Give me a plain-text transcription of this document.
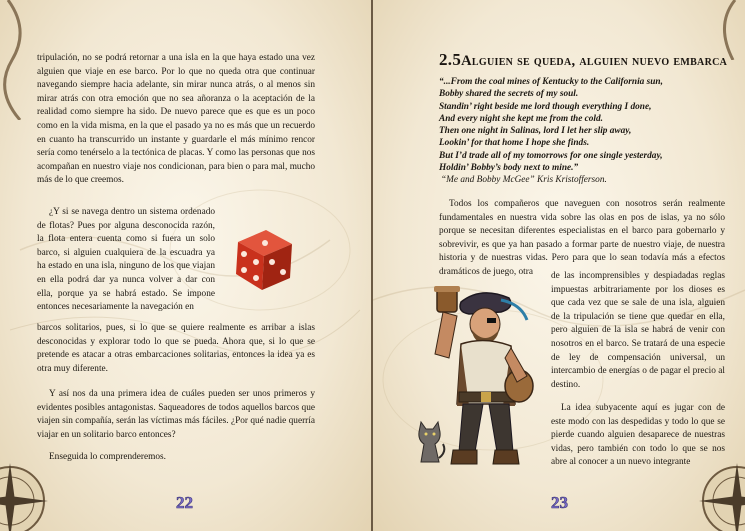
tripulación, no se podrá retornar a una isla en la que haya estado una vez alguien que viaje en ese barco. Por lo que no queda otra que continuar navegando siempre hacia adelante, sin mirar nunca atrás, o al menos sin mirar atrás con otra emoción que no sea añoranza o la aceptación de la realidad como siempre ha sido. De nuevo parece que es que es un poco como en la vida misma, en la que el pasado ya no es más que un recuerdo en cuanto ha transcurrido un instante y guardarle el más mínimo rencor sería como tenérselo a la tectónica de placas. Y como las personas que nos acompañan en nuestro viaje nos condicionan, para bien o para mal, mucho más de lo que creemos.

¿Y si se navega dentro un sistema ordenado de flotas? Pues por alguna desconocida razón, la flota entera cuenta como si fuera un solo barco, si alguien cualquiera de la escuadra ya ha estado en una isla, ninguno de los que viajan en ella podrá dar ya nunca volver a dar con ella, porque ya se habrá estado. Se impone entonces necesariamente la navegación en

barcos solitarios, pues, si lo que se quiere realmente es arribar a islas desconocidas y explorar todo lo que se pueda. Ahora que, si lo que se pretende es atacar a otras embarcaciones solitarias, entonces la idea ya es otra muy diferente.

Y así nos da una primera idea de cuáles pueden ser unos primeros y evidentes posibles antagonistas. Saqueadores de todos aquellos barcos que viajen sin compañía, serán las víctimas más fáciles. ¿Por qué nadie querría viajar en un solitario barco entonces?

Enseguida lo comprenderemos.

22
2.5Alguien se queda, alguien nuevo embarca

“...From the coal mines of Kentucky to the California sun,

Bobby shared the secrets of my soul.

Standin’ right beside me lord though everything I done,

And every night she kept me from the cold.

Then one night in Salinas, lord I let her slip away,

Lookin’ for that home I hope she finds.

But I’d trade all of my tomorrows for one single yesterday,

Holdin’ Bobby’s body next to mine.”

“Me and Bobby McGee” Kris Kristofferson.

Todos los compañeros que naveguen con nosotros serán realmente fundamentales en nuestra vida sobre las olas en pos de islas, ya no sólo porque se necesitan diferentes especialistas en el barco para gobernarlo y sobrevivir, es que ya han pasado a formar parte de nuestro viaje, de nuestra historia y de nuestras vidas. Pero para que lo sean todavía más a efectos dramáticos de juego, otra	de las incomprensibles y despiadadas reglas impuestas arbitrariamente por los dioses es que cada vez que se sale de una isla, alguien de la tripulación se tiene que quedar en ella, pero alguien de la isla se habrá de venir con nosotros en el barco. Se tratará de una especie de ley de compensación universal, un intercambio de energías o de pagar el precio al destino.

La idea subyacente aquí es jugar con de este modo con las despedidas y todo lo que se pierde cuando alguien desaparece de nuestras vidas, pero también con todo lo que se nos abre al conocer a un nuevo integrante

23
